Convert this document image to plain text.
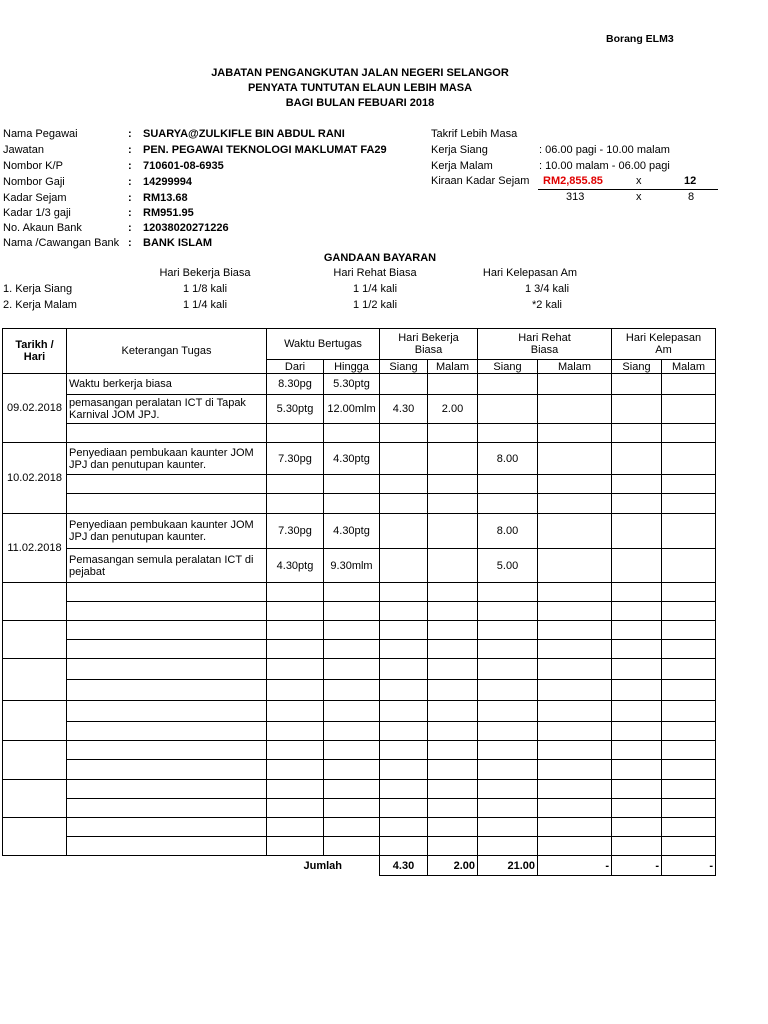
Borang ELM3
JABATAN PENGANGKUTAN JALAN NEGERI SELANGOR
PENYATA TUNTUTAN ELAUN LEBIH MASA
BAGI BULAN FEBUARI 2018
Nama Pegawai	: SUARYA@ZULKIFLE BIN ABDUL RANI
Jawatan	: PEN. PEGAWAI TEKNOLOGI MAKLUMAT FA29
Nombor K/P	: 710601-08-6935
Nombor Gaji	: 14299994
Kadar Sejam	: RM13.68
Kadar 1/3 gaji	: RM951.95
No. Akaun Bank	: 12038020271226
Nama /Cawangan Bank : BANK ISLAM
Takrif Lebih Masa
Kerja Siang	: 06.00 pagi - 10.00 malam
Kerja Malam	: 10.00 malam - 06.00 pagi
Kiraan Kadar Sejam RM2,855.85	x	12
313	x	8
GANDAAN BAYARAN
Hari Bekerja Biasa	Hari Rehat Biasa	Hari Kelepasan Am
1. Kerja Siang	1 1/8 kali	1 1/4 kali	1 3/4 kali
2. Kerja Malam	1 1/4 kali	1 1/2 kali	*2 kali
Tarikh /
Hari	Keterangan Tugas	Waktu Bertugas		Hari Bekerja
Biasa		Hari Rehat
Biasa		Hari Kelepasan
Am	
		Dari	Hingga	Siang	Malam	Siang	Malam	Siang	Malam
09.02.2018	Waktu berkerja biasa	8.30pg	5.30ptg						
	pemasangan peralatan ICT di Tapak Karnival JOM JPJ.	5.30ptg	12.00mlm	4.30	2.00				

10.02.2018	Penyediaan pembukaan kaunter JOM JPJ dan penutupan kaunter.	7.30pg	4.30ptg			8.00			

11.02.2018	Penyediaan pembukaan kaunter JOM JPJ dan penutupan kaunter.	7.30pg	4.30ptg			8.00			
	Pemasangan semula peralatan ICT di pejabat	4.30ptg	9.30mlm			5.00			

		Jumlah		4.30	2.00	21.00	-	-	-
